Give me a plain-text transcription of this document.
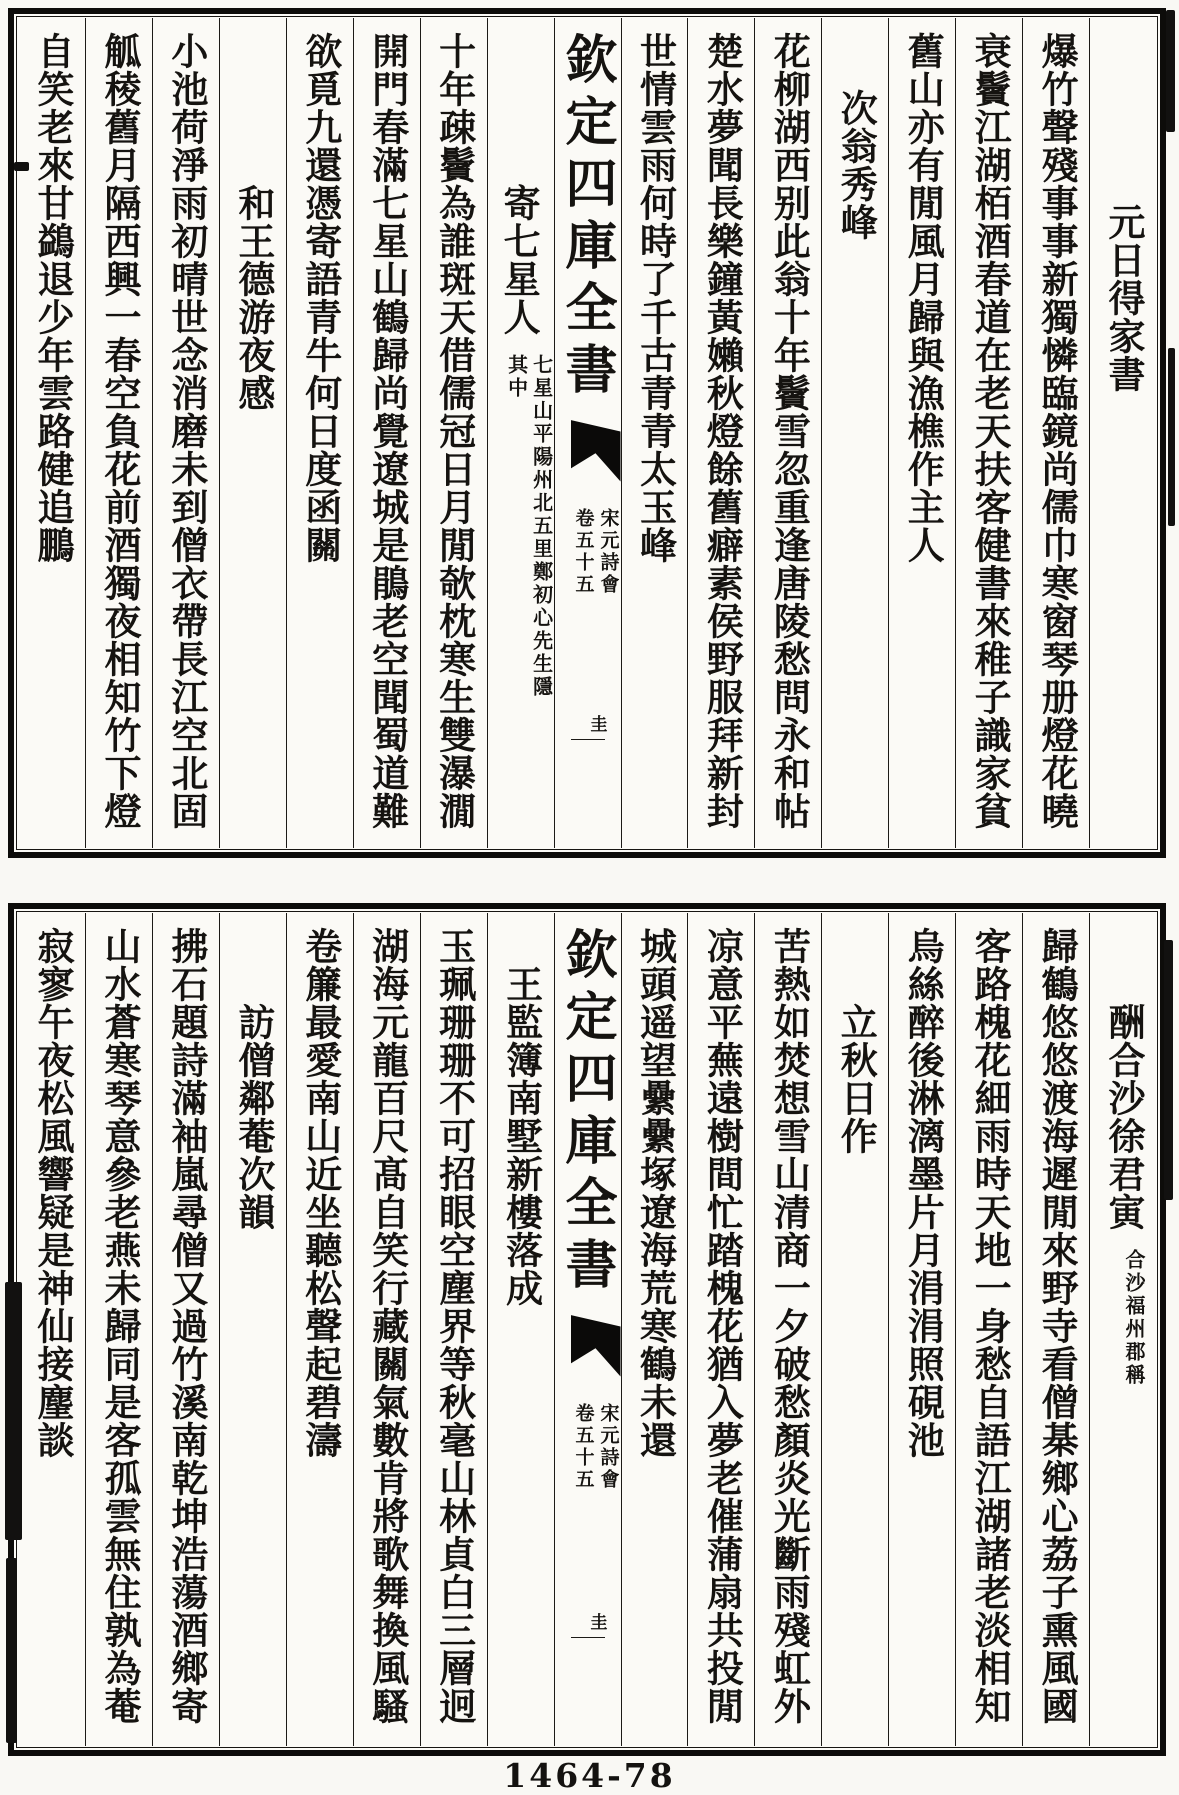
元日得家書爆竹聲殘事事新獨憐臨鏡尚儒巾寒窗琴册燈花曉衰鬢江湖栢酒春道在老天扶客健書來稚子識家貧舊山亦有閒風月歸與漁樵作主人次翁秀峰花柳湖西别此翁十年鬢雪忽重逢唐陵愁問永和帖楚水夢聞長樂鐘黃嬾秋燈餘舊癖素侯野服拜新封世情雲雨何時了千古青青太玉峰欽定四庫全書
宋元詩會
卷五十五
圭
寄七星人
七星山平陽州北五里鄭初心先生隱
其中
十年疎鬢為誰斑天借儒冠日月閒欹枕寒生雙瀑㵎開門春滿七星山鶴歸尚覺遼城是鵑老空聞蜀道難欲覓九還憑寄語青牛何日度函關和王德游夜感小池荷淨雨初晴世念消磨未到僧衣帶長江空北固觚稜舊月隔西興一春空負花前酒獨夜相知竹下燈自笑老來甘鷁退少年雲路健追鵬
酬合沙徐君寅
合沙福州郡稱
歸鶴悠悠渡海遲閒來野寺看僧棊鄉心荔子熏風國客路槐花細雨時天地一身愁自語江湖諸老淡相知烏絲醉後淋漓墨片月涓涓照硯池立秋日作苦熱如焚想雪山清商一夕破愁顏炎光斷雨殘虹外凉意平蕪遠樹間忙踏槐花猶入夢老催蒲扇共投閒城頭遥望纍纍塚遼海荒寒鶴未還欽定四庫全書
宋元詩會
卷五十五
圭
王監簿南墅新樓落成玉珮珊珊不可招眼空塵界等秋毫山林貞白三層迥湖海元龍百尺髙自笑行藏關氣數肯將歌舞換風騷卷簾最愛南山近坐聽松聲起碧濤訪僧鄰菴次韻拂石題詩滿袖嵐尋僧又過竹溪南乾坤浩蕩酒鄉寄山水蒼寒琴意參老燕未歸同是客孤雲無住孰為菴寂寥午夜松風響疑是神仙接麈談
1464-78
